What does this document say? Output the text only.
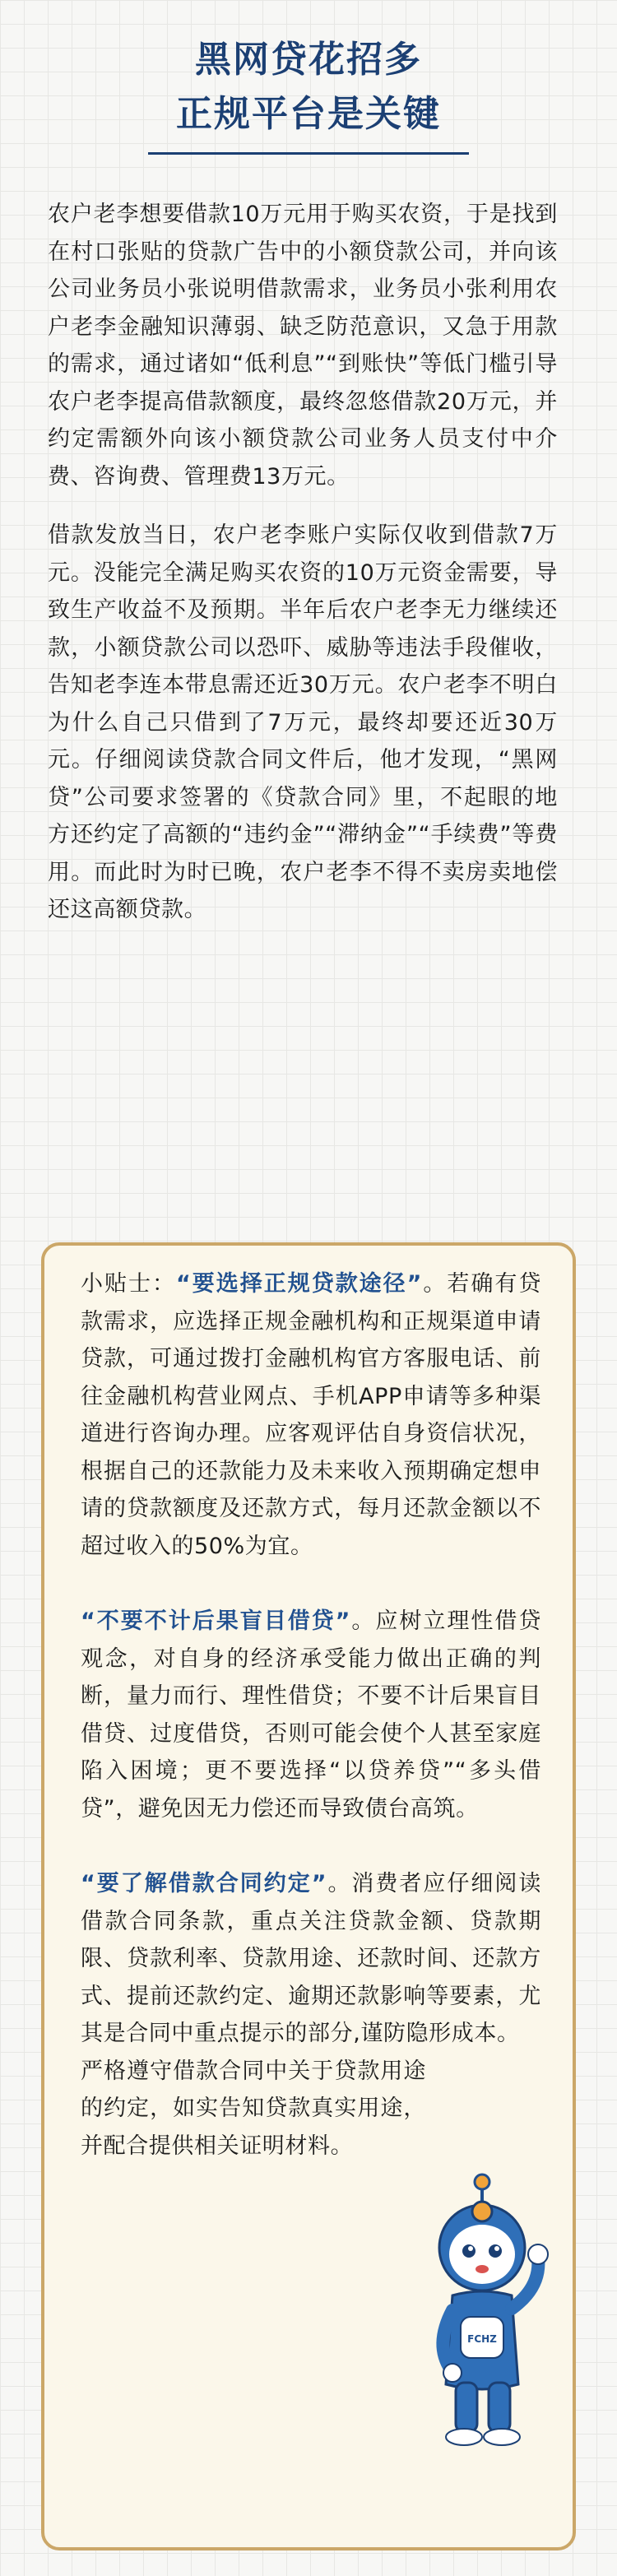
黑网贷花招多
正规平台是关键

农户老李想要借款10万元用于购买农资，于是找到在村口张贴的贷款广告中的小额贷款公司，并向该公司业务员小张说明借款需求，业务员小张利用农户老李金融知识薄弱、缺乏防范意识，又急于用款的需求，通过诸如“低利息”“到账快”等低门槛引导农户老李提高借款额度，最终忽悠借款20万元，并约定需额外向该小额贷款公司业务人员支付中介费、咨询费、管理费13万元。

借款发放当日，农户老李账户实际仅收到借款7万元。没能完全满足购买农资的10万元资金需要，导致生产收益不及预期。半年后农户老李无力继续还款，小额贷款公司以恐吓、威胁等违法手段催收，告知老李连本带息需还近30万元。农户老李不明白为什么自己只借到了7万元，最终却要还近30万元。仔细阅读贷款合同文件后，他才发现，“黑网贷”公司要求签署的《贷款合同》里，不起眼的地方还约定了高额的“违约金”“滞纳金”“手续费”等费用。而此时为时已晚，农户老李不得不卖房卖地偿还这高额贷款。

小贴士：“要选择正规贷款途径”。若确有贷款需求，应选择正规金融机构和正规渠道申请贷款，可通过拨打金融机构官方客服电话、前往金融机构营业网点、手机APP申请等多种渠道进行咨询办理。应客观评估自身资信状况，根据自己的还款能力及未来收入预期确定想申请的贷款额度及还款方式，每月还款金额以不超过收入的50%为宜。

“不要不计后果盲目借贷”。应树立理性借贷观念，对自身的经济承受能力做出正确的判断，量力而行、理性借贷；不要不计后果盲目借贷、过度借贷，否则可能会使个人甚至家庭陷入困境；更不要选择“以贷养贷”“多头借贷”，避免因无力偿还而导致债台高筑。

“要了解借款合同约定”。消费者应仔细阅读借款合同条款，重点关注贷款金额、贷款期限、贷款利率、贷款用途、还款时间、还款方式、提前还款约定、逾期还款影响等要素，尤其是合同中重点提示的部分,谨防隐形成本。
严格遵守借款合同中关于贷款用途的约定，如实告知贷款真实用途，并配合提供相关证明材料。

FCHZ
